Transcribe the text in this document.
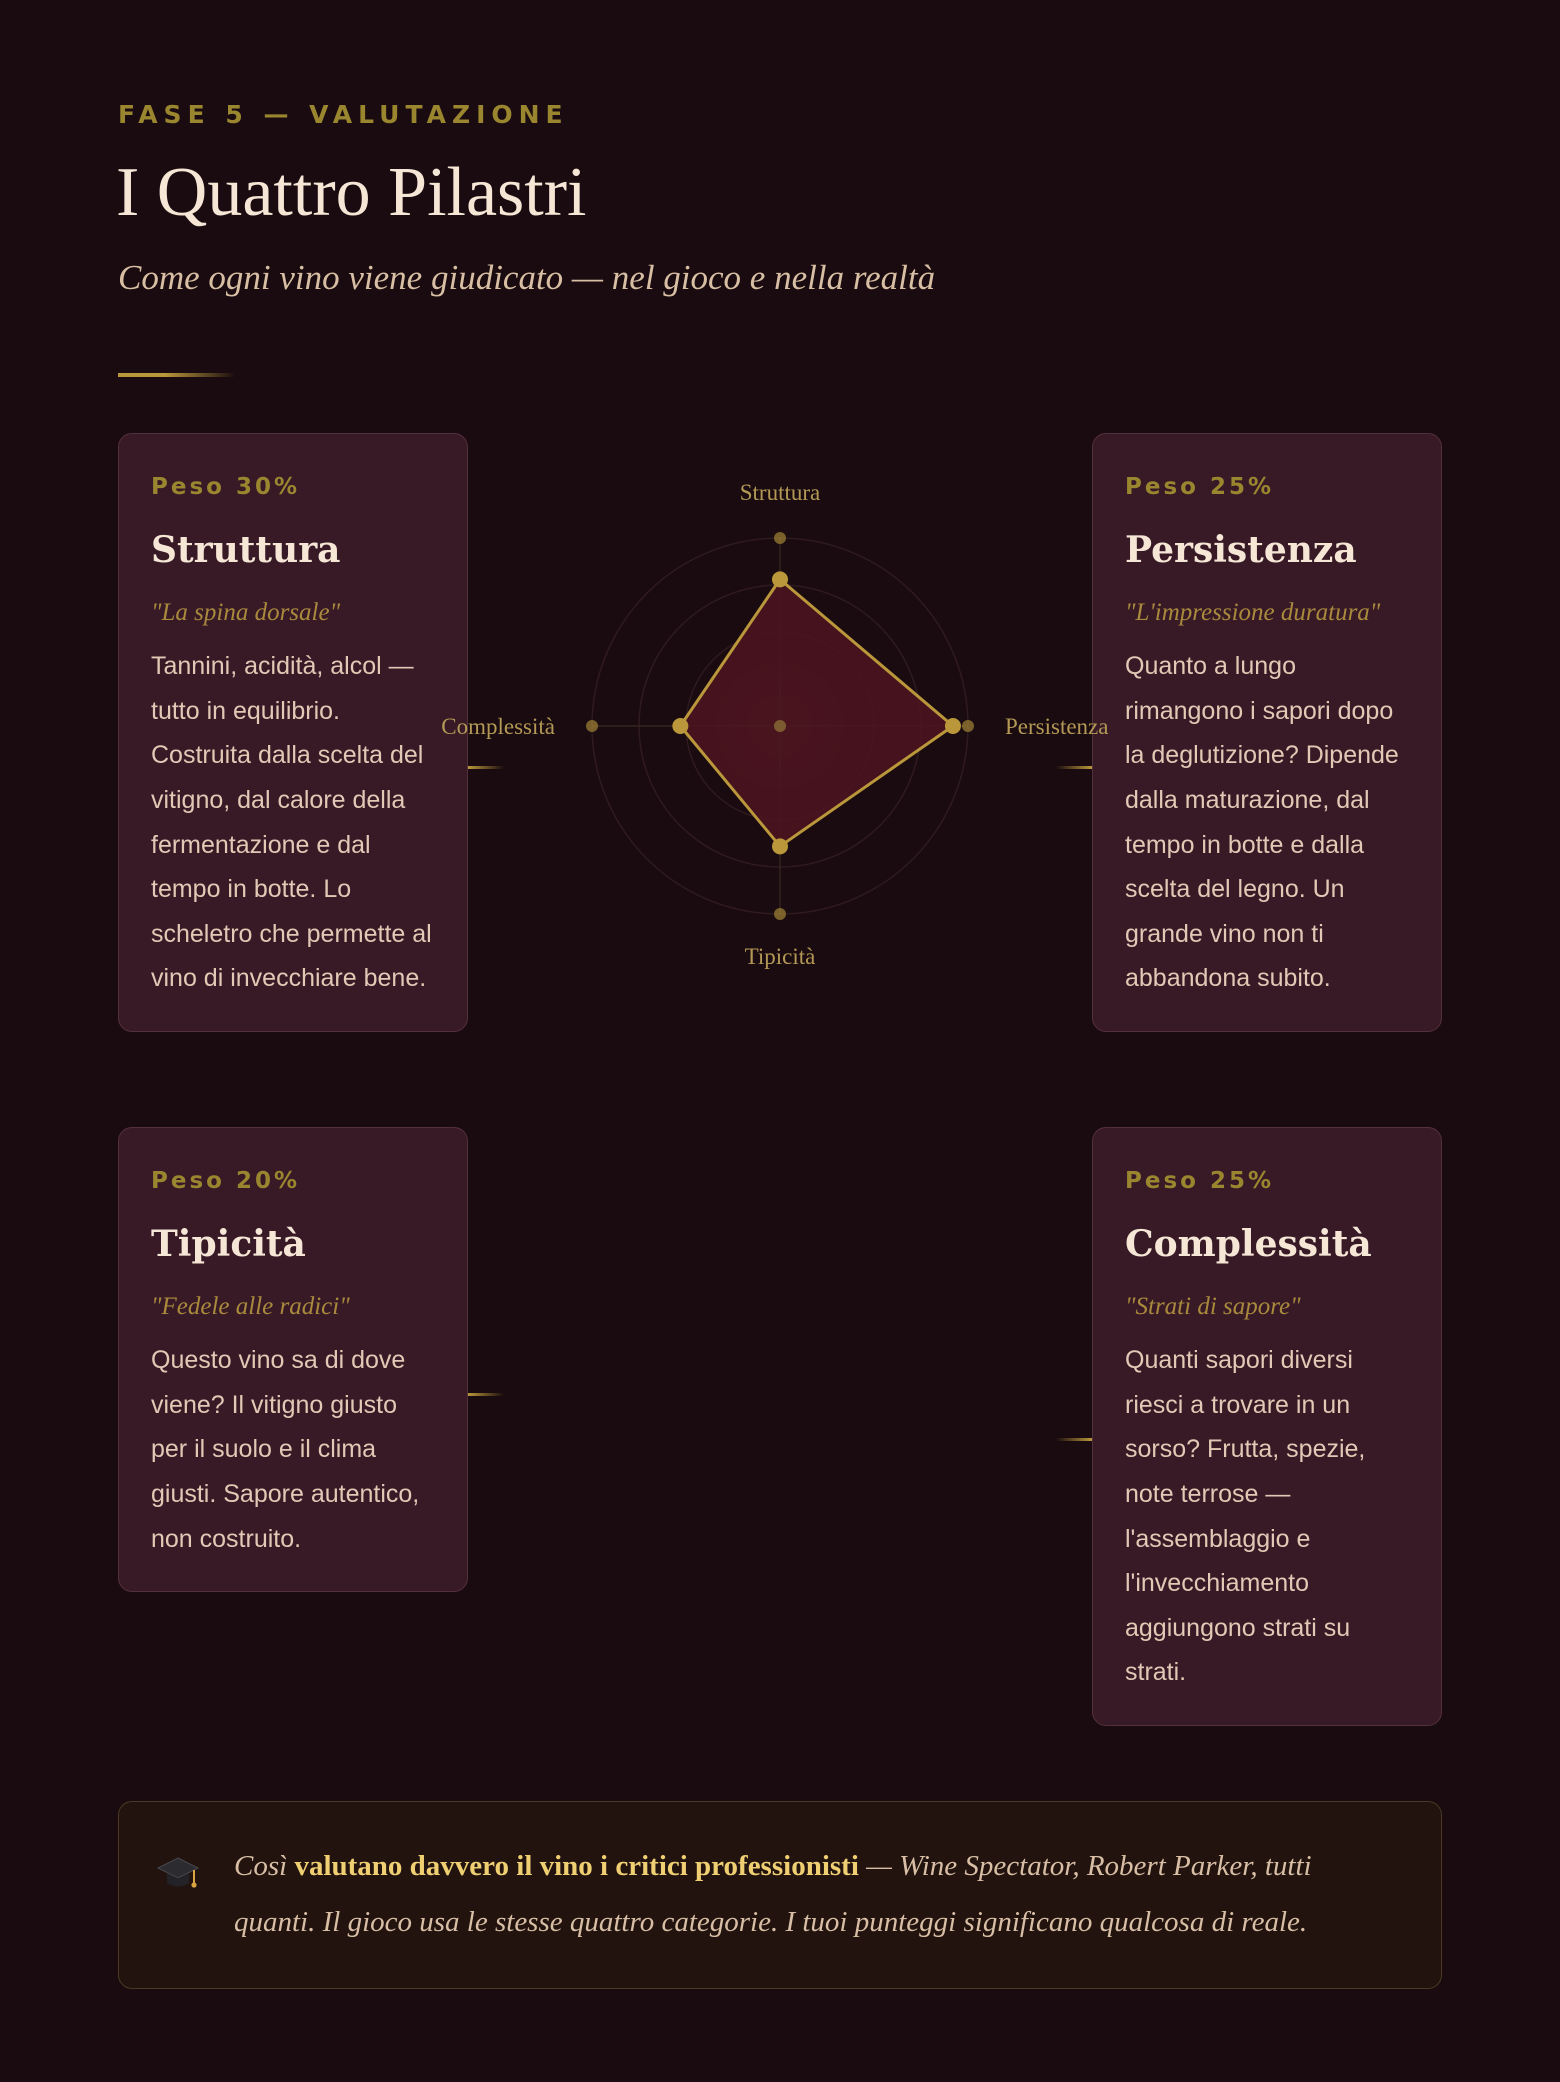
FASE 5 — VALUTAZIONE
I Quattro Pilastri
Come ogni vino viene giudicato — nel gioco e nella realtà
Peso 30%
Struttura
"La spina dorsale"
Tannini, acidità, alcol — tutto in equilibrio. Costruita dalla scelta del vitigno, dal calore della fermentazione e dal tempo in botte. Lo scheletro che permette al vino di invecchiare bene.
Peso 25%
Persistenza
"L'impressione duratura"
Quanto a lungo rimangono i sapori dopo la deglutizione? Dipende dalla maturazione, dal tempo in botte e dalla scelta del legno. Un grande vino non ti abbandona subito.
Peso 20%
Tipicità
"Fedele alle radici"
Questo vino sa di dove viene? Il vitigno giusto per il suolo e il clima giusti. Sapore autentico, non costruito.
Peso 25%
Complessità
"Strati di sapore"
Quanti sapori diversi riesci a trovare in un sorso? Frutta, spezie, note terrose — l'assemblaggio e l'invecchiamento aggiungono strati su strati.
Struttura
Persistenza
Tipicità
Complessità
Così valutano davvero il vino i critici professionisti — Wine Spectator, Robert Parker, tutti quanti. Il gioco usa le stesse quattro categorie. I tuoi punteggi significano qualcosa di reale.
